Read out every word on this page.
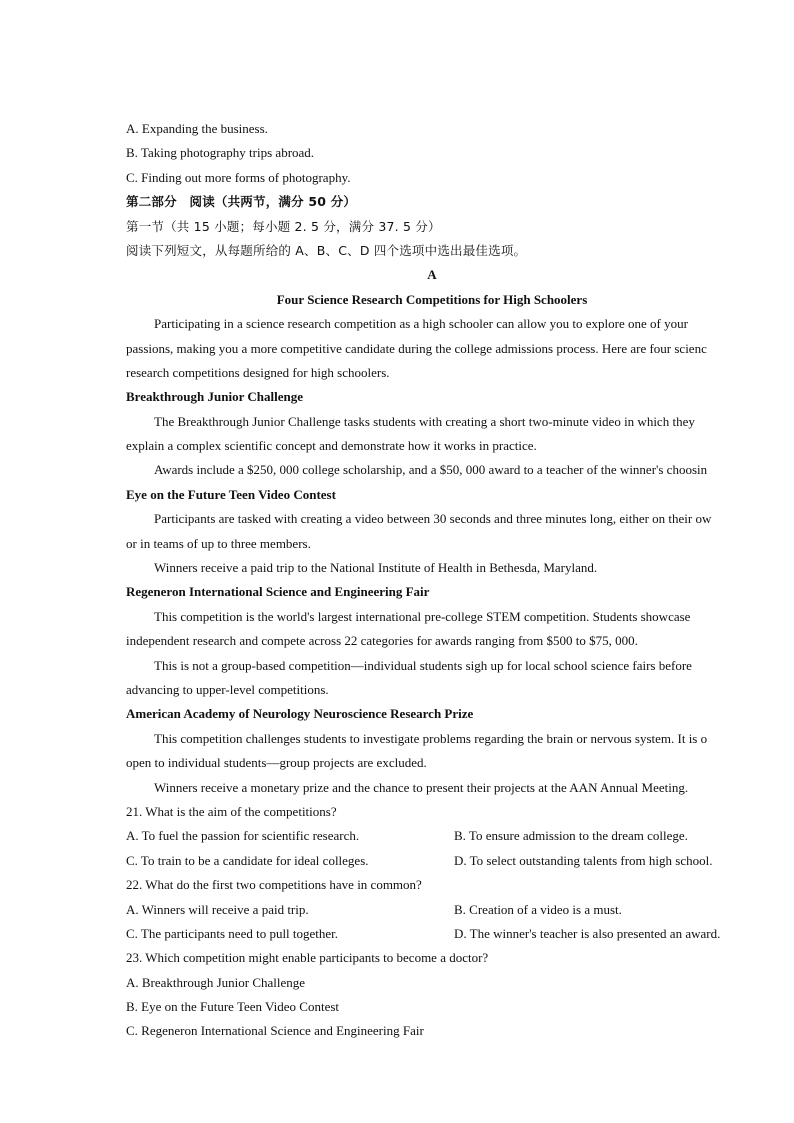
A. Expanding the business.
B. Taking photography trips abroad.
C. Finding out more forms of photography.
第二部分　阅读（共两节，满分 50 分）
第一节（共 15 小题；每小题 2. 5 分，满分 37. 5 分）
阅读下列短文，从每题所给的 A、B、C、D 四个选项中选出最佳选项。
A
Four Science Research Competitions for High Schoolers
Participating in a science research competition as a high schooler can allow you to explore one of your
passions, making you a more competitive candidate during the college admissions process. Here are four scienc
research competitions designed for high schoolers.
Breakthrough Junior Challenge
The Breakthrough Junior Challenge tasks students with creating a short two-minute video in which they
explain a complex scientific concept and demonstrate how it works in practice.
Awards include a $250, 000 college scholarship, and a $50, 000 award to a teacher of the winner's choosin
Eye on the Future Teen Video Contest
Participants are tasked with creating a video between 30 seconds and three minutes long, either on their ow
or in teams of up to three members.
Winners receive a paid trip to the National Institute of Health in Bethesda, Maryland.
Regeneron International Science and Engineering Fair
This competition is the world's largest international pre-college STEM competition. Students showcase
independent research and compete across 22 categories for awards ranging from $500 to $75, 000.
This is not a group-based competition—individual students sigh up for local school science fairs before
advancing to upper-level competitions.
American Academy of Neurology Neuroscience Research Prize
This competition challenges students to investigate problems regarding the brain or nervous system. It is o
open to individual students—group projects are excluded.
Winners receive a monetary prize and the chance to present their projects at the AAN Annual Meeting.
21. What is the aim of the competitions?
A. To fuel the passion for scientific research.	B. To ensure admission to the dream college.
C. To train to be a candidate for ideal colleges.	D. To select outstanding talents from high school.
22. What do the first two competitions have in common?
A. Winners will receive a paid trip.	B. Creation of a video is a must.
C. The participants need to pull together.	D. The winner's teacher is also presented an award.
23. Which competition might enable participants to become a doctor?
A. Breakthrough Junior Challenge
B. Eye on the Future Teen Video Contest
C. Regeneron International Science and Engineering Fair
